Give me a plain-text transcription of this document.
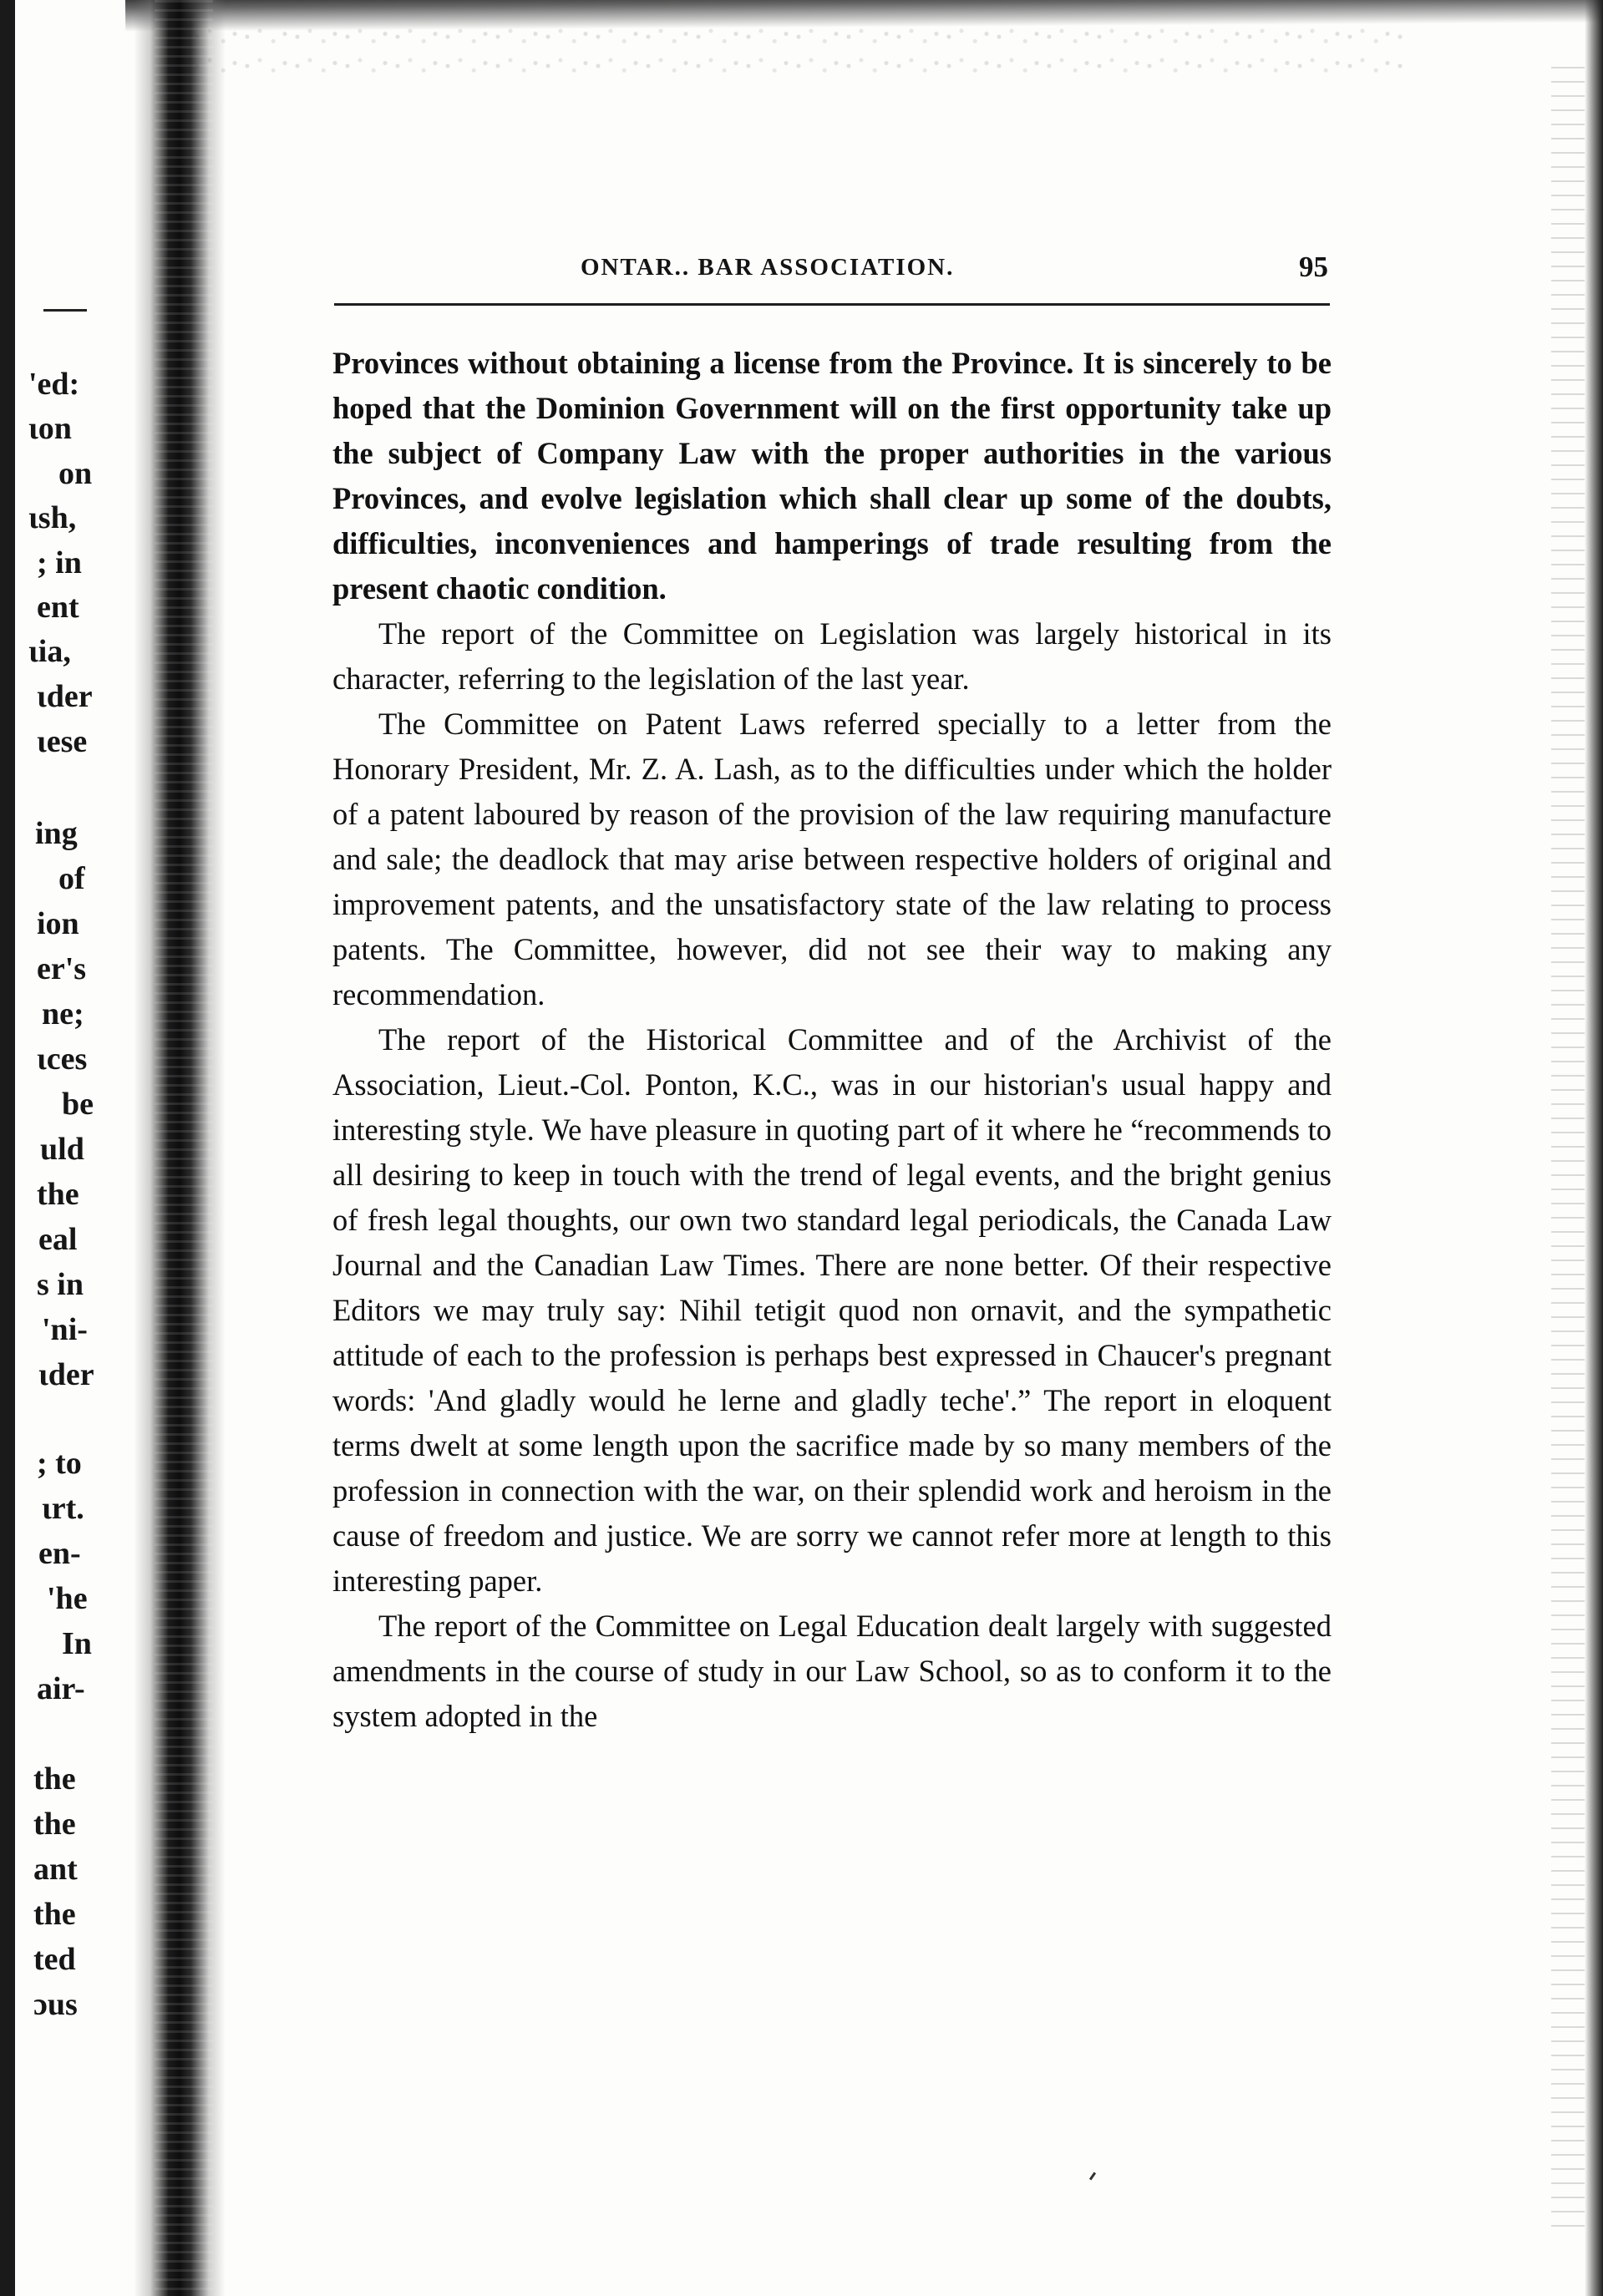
'ed:
ɩon
on
ɩsh,
; in
ent
ɩia,
ɩder
ɩese
ing
of
ion
er's
ne;
ɩces
be
uld
the
eal
s in
'ni-
ɩder
; to
ɩrt.
en-
'he
In
air-
the
the
ant
the
ted
ɔus
ONTAR.. BAR ASSOCIATION.	95

Provinces without obtaining a license from the Province. It is sincerely to be hoped that the Dominion Government will on the first opportunity take up the subject of Company Law with the proper authorities in the various Provinces, and evolve legislation which shall clear up some of the doubts, difficulties, inconveniences and hamperings of trade resulting from the present chaotic condition.

The report of the Committee on Legislation was largely historical in its character, referring to the legislation of the last year.

The Committee on Patent Laws referred specially to a letter from the Honorary President, Mr. Z. A. Lash, as to the difficulties under which the holder of a patent laboured by reason of the provision of the law requiring manufacture and sale; the deadlock that may arise between respective holders of original and improvement patents, and the unsatisfactory state of the law relating to process patents. The Committee, however, did not see their way to making any recommendation.

The report of the Historical Committee and of the Archivist of the Association, Lieut.-Col. Ponton, K.C., was in our historian's usual happy and interesting style. We have pleasure in quoting part of it where he “recommends to all desiring to keep in touch with the trend of legal events, and the bright genius of fresh legal thoughts, our own two standard legal periodicals, the Canada Law Journal and the Canadian Law Times. There are none better. Of their respective Editors we may truly say: Nihil tetigit quod non ornavit, and the sympathetic attitude of each to the profession is perhaps best expressed in Chaucer's pregnant words: 'And gladly would he lerne and gladly teche'.” The report in eloquent terms dwelt at some length upon the sacrifice made by so many members of the profession in connection with the war, on their splendid work and heroism in the cause of freedom and justice. We are sorry we cannot refer more at length to this interesting paper.

The report of the Committee on Legal Education dealt largely with suggested amendments in the course of study in our Law School, so as to conform it to the system adopted in the
